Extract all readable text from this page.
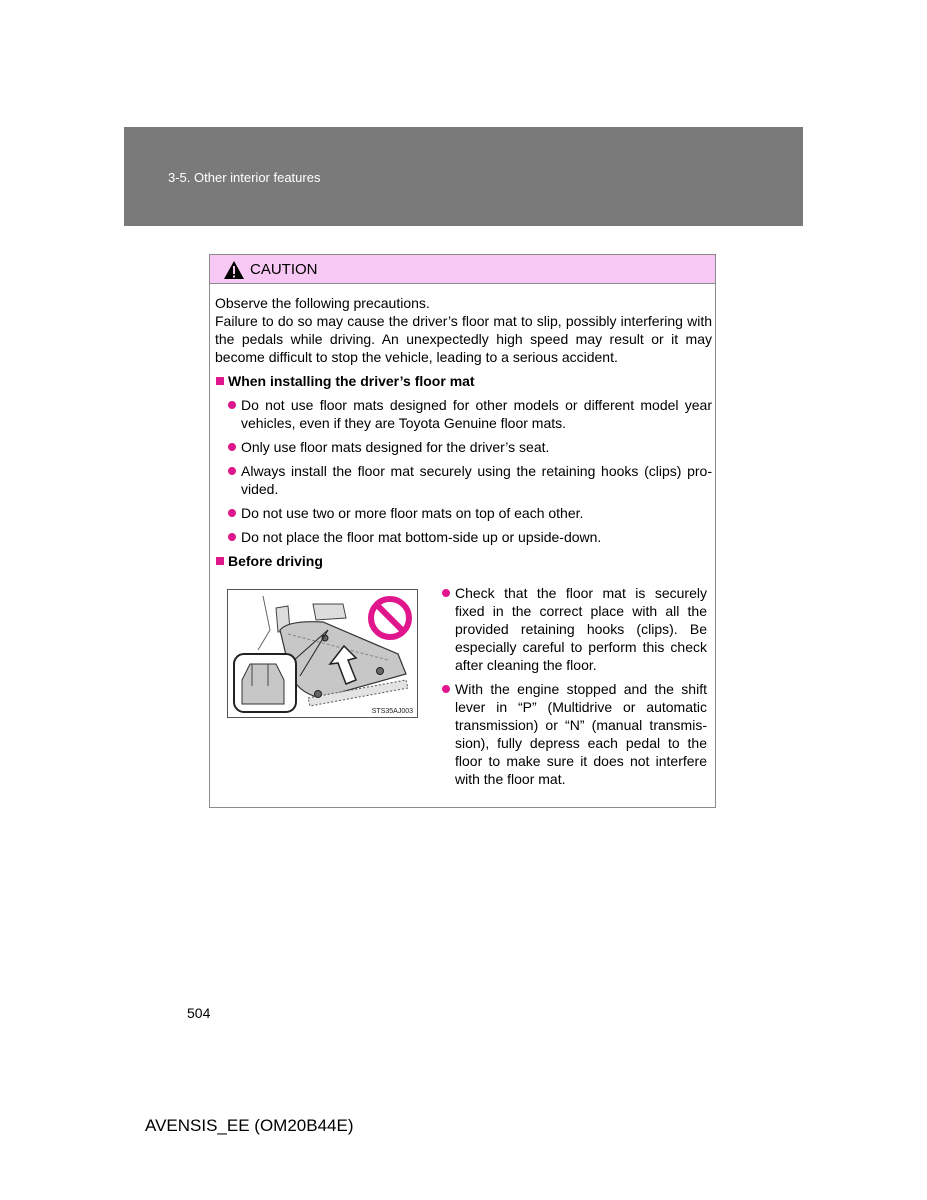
3-5. Other interior features
CAUTION

Observe the following precautions.

Failure to do so may cause the driver’s floor mat to slip, possibly interfering with the pedals while driving. An unexpectedly high speed may result or it may become difficult to stop the vehicle, leading to a serious accident.

When installing the driver’s floor mat
Do not use floor mats designed for other models or different model year vehicles, even if they are Toyota Genuine floor mats.
Only use floor mats designed for the driver’s seat.
Always install the floor mat securely using the retaining hooks (clips) pro- vided.
Do not use two or more floor mats on top of each other.
Do not place the floor mat bottom-side up or upside-down.
Before driving
STS35AJ003
Check that the floor mat is securely fixed in the correct place with all the provided retaining hooks (clips). Be especially careful to perform this check after cleaning the floor.
With the engine stopped and the shift lever in “P” (Multidrive or automatic transmission) or “N” (manual transmis- sion), fully depress each pedal to the floor to make sure it does not interfere with the floor mat.
504
AVENSIS_EE (OM20B44E)
